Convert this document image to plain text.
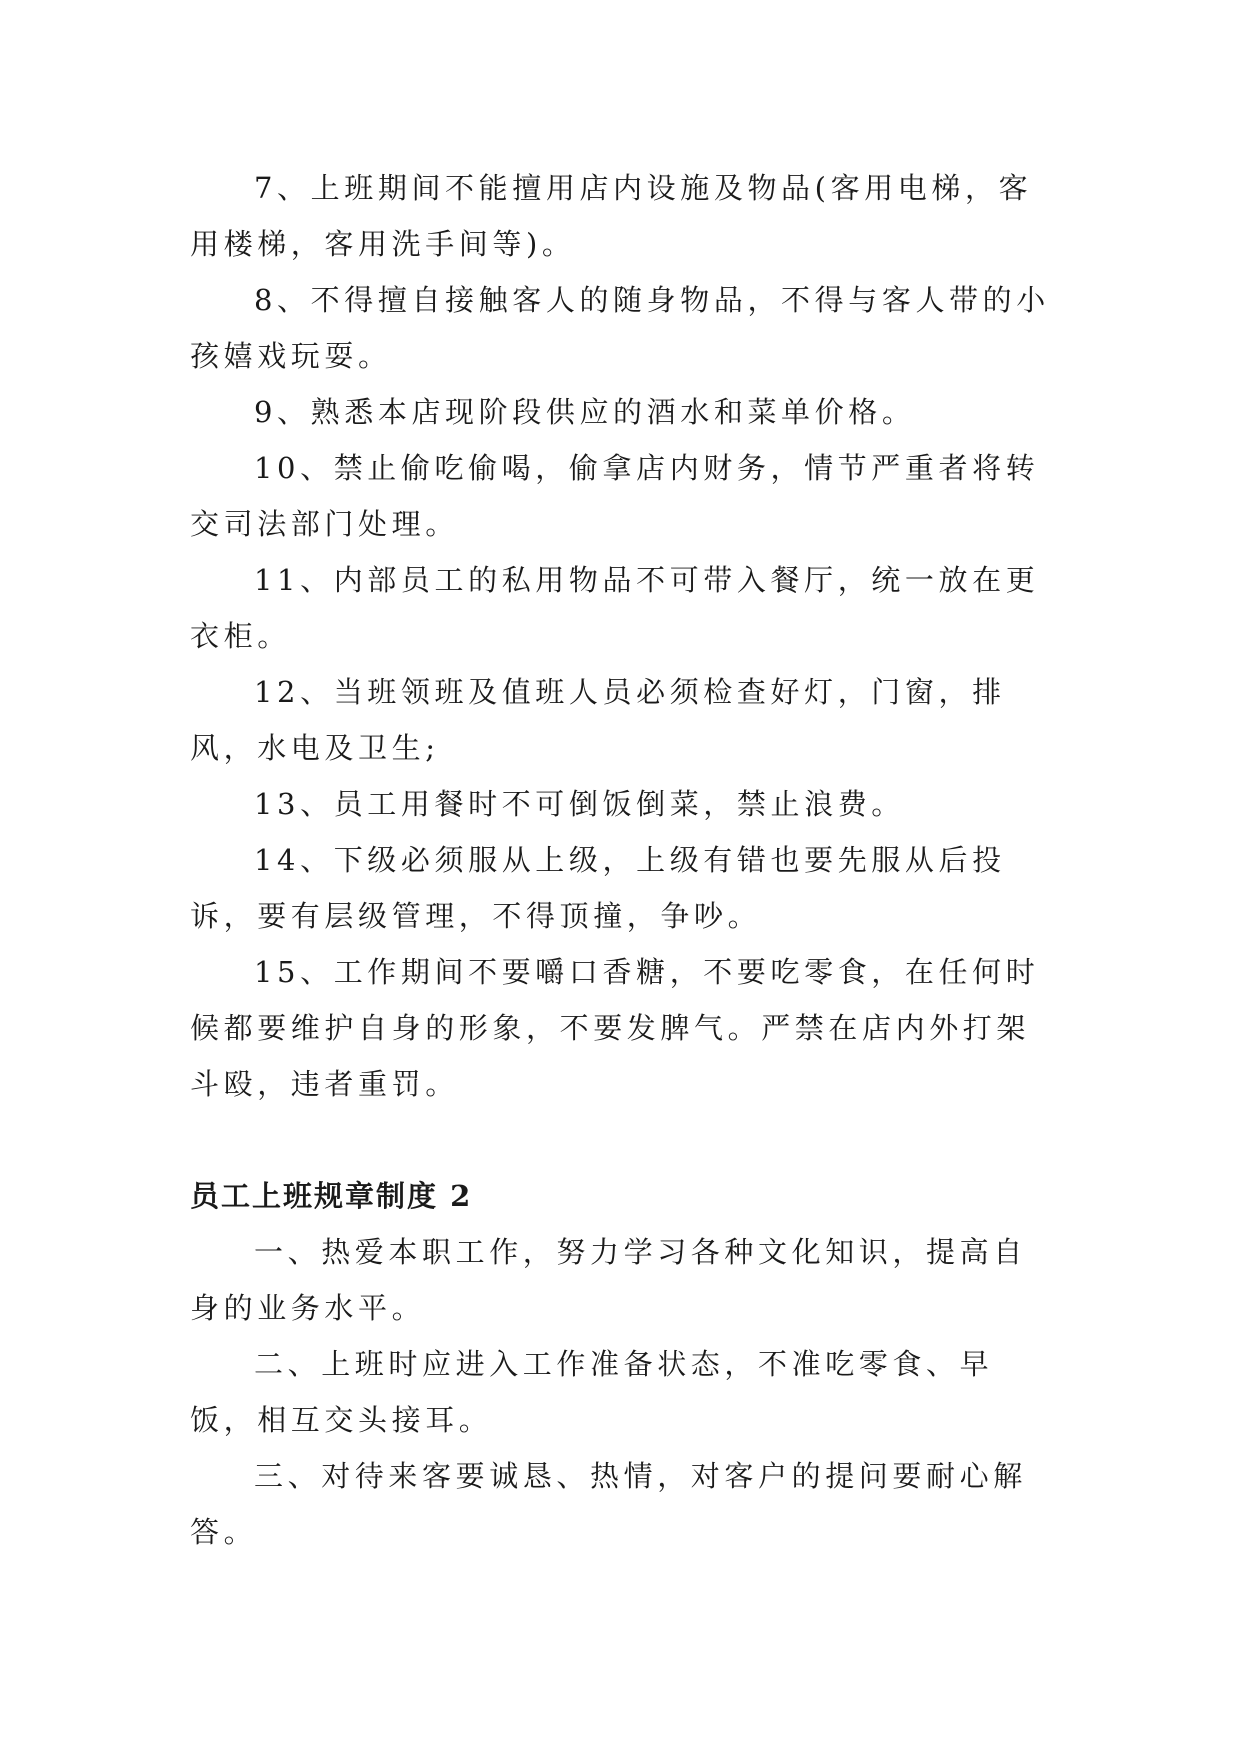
7、上班期间不能擅用店内设施及物品(客用电梯，客用楼梯，客用洗手间等)。

8、不得擅自接触客人的随身物品，不得与客人带的小孩嬉戏玩耍。

9、熟悉本店现阶段供应的酒水和菜单价格。

10、禁止偷吃偷喝，偷拿店内财务，情节严重者将转交司法部门处理。

11、内部员工的私用物品不可带入餐厅，统一放在更衣柜。

12、当班领班及值班人员必须检查好灯，门窗，排风，水电及卫生;

13、员工用餐时不可倒饭倒菜，禁止浪费。

14、下级必须服从上级，上级有错也要先服从后投诉，要有层级管理，不得顶撞，争吵。

15、工作期间不要嚼口香糖，不要吃零食，在任何时候都要维护自身的形象，不要发脾气。严禁在店内外打架斗殴，违者重罚。

员工上班规章制度 2

一、热爱本职工作，努力学习各种文化知识，提高自身的业务水平。

二、上班时应进入工作准备状态，不准吃零食、早饭，相互交头接耳。

三、对待来客要诚恳、热情，对客户的提问要耐心解答。
